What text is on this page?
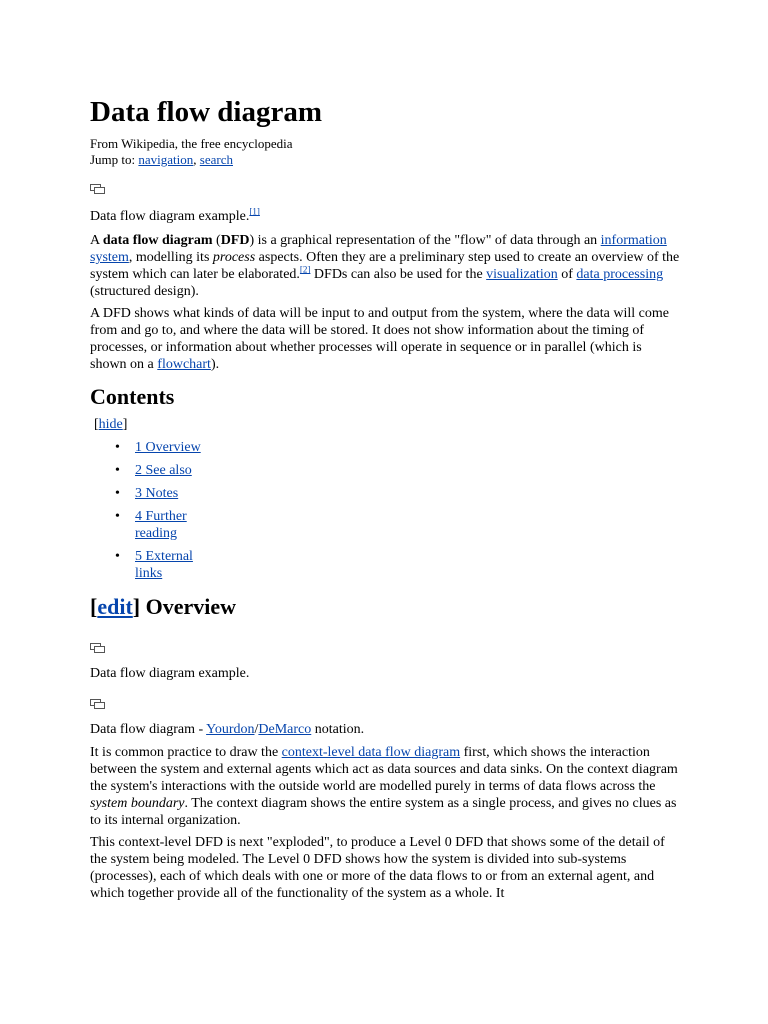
Data flow diagram
From Wikipedia, the free encyclopedia
Jump to: navigation, search

Data flow diagram example.[1]

A data flow diagram (DFD) is a graphical representation of the "flow" of data through an information system, modelling its process aspects. Often they are a preliminary step used to create an overview of the system which can later be elaborated.[2] DFDs can also be used for the visualization of data processing (structured design).

A DFD shows what kinds of data will be input to and output from the system, where the data will come from and go to, and where the data will be stored. It does not show information about the timing of processes, or information about whether processes will operate in sequence or in parallel (which is shown on a flowchart).

Contents
[hide]
• 1 Overview
• 2 See also
• 3 Notes
• 4 Further reading
• 5 External links
[edit] Overview

Data flow diagram example.

Data flow diagram - Yourdon/DeMarco notation.

It is common practice to draw the context-level data flow diagram first, which shows the interaction between the system and external agents which act as data sources and data sinks. On the context diagram the system's interactions with the outside world are modelled purely in terms of data flows across the system boundary. The context diagram shows the entire system as a single process, and gives no clues as to its internal organization.

This context-level DFD is next "exploded", to produce a Level 0 DFD that shows some of the detail of the system being modeled. The Level 0 DFD shows how the system is divided into sub-systems (processes), each of which deals with one or more of the data flows to or from an external agent, and which together provide all of the functionality of the system as a whole. It
